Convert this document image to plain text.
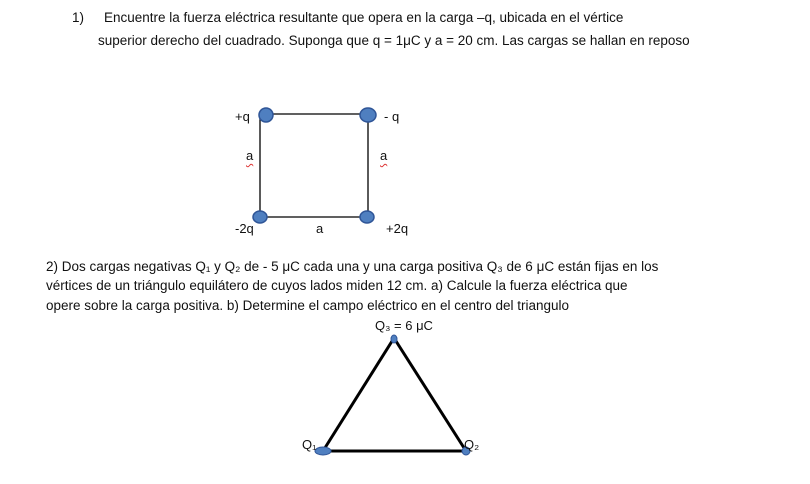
1) Encuentre la fuerza eléctrica resultante que opera en la carga –q, ubicada en el vértice
superior derecho del cuadrado. Suponga que q = 1μC y a = 20 cm. Las cargas se hallan en reposo
+q	- q
a	a
-2q	a	+2q
2) Dos cargas negativas Q₁ y Q₂ de - 5 μC cada una y una carga positiva Q₃ de 6 μC están fijas en los
vértices de un triángulo equilátero de cuyos lados miden 12 cm. a) Calcule la fuerza eléctrica que
opere sobre la carga positiva. b) Determine el campo eléctrico en el centro del triangulo
Q₃ = 6 μC
Q₁	Q₂
